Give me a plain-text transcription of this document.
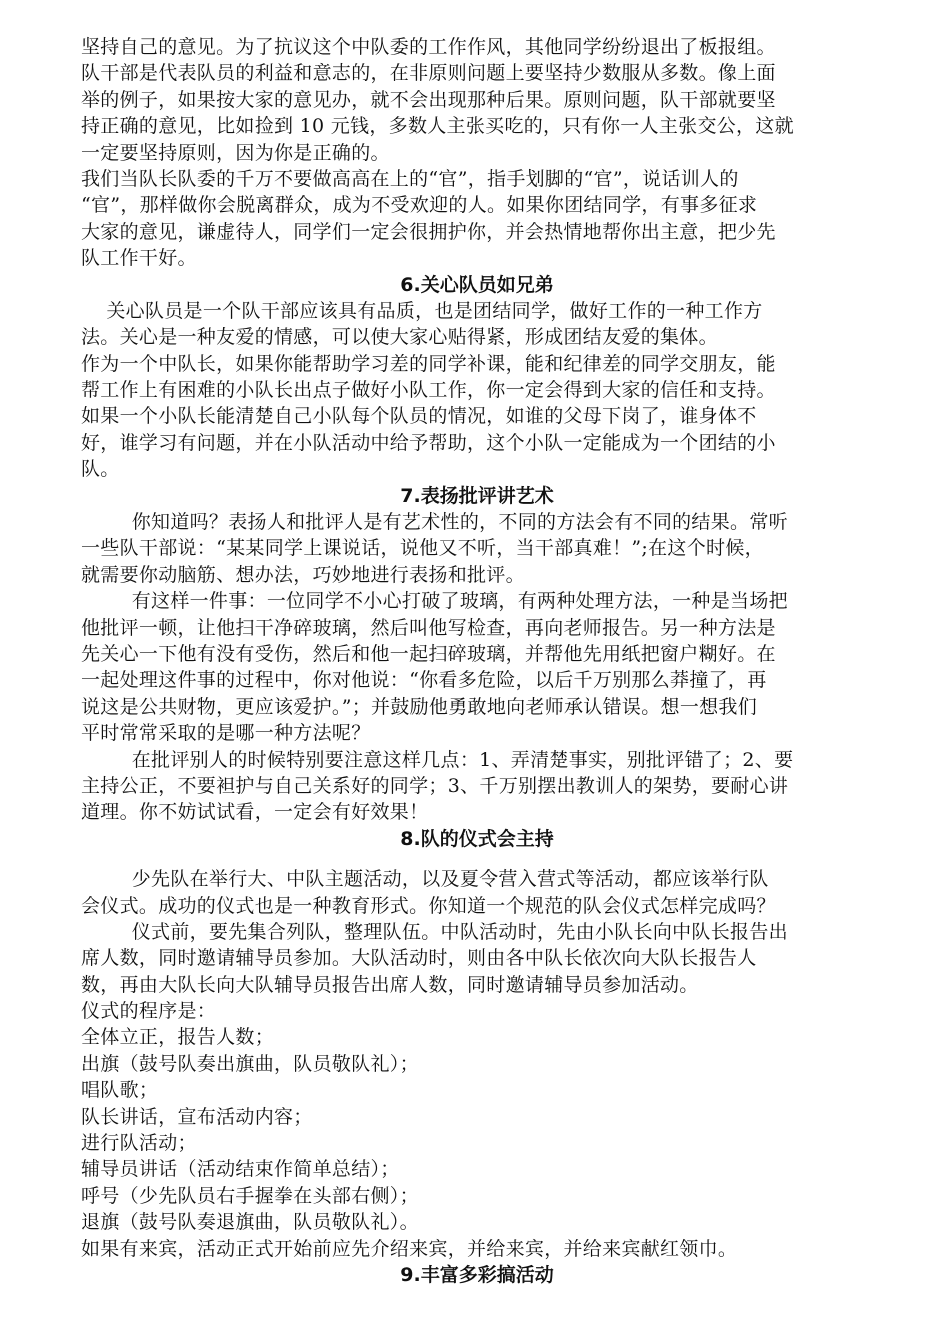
坚持自己的意见。为了抗议这个中队委的工作作风，其他同学纷纷退出了板报组。
队干部是代表队员的利益和意志的，在非原则问题上要坚持少数服从多数。像上面
举的例子，如果按大家的意见办，就不会出现那种后果。原则问题，队干部就要坚
持正确的意见，比如捡到 10 元钱，多数人主张买吃的，只有你一人主张交公，这就
一定要坚持原则，因为你是正确的。
我们当队长队委的千万不要做高高在上的“官”，指手划脚的“官”，说话训人的
“官”，那样做你会脱离群众，成为不受欢迎的人。如果你团结同学，有事多征求
大家的意见，谦虚待人，同学们一定会很拥护你，并会热情地帮你出主意，把少先
队工作干好。
6.关心队员如兄弟
关心队员是一个队干部应该具有品质，也是团结同学，做好工作的一种工作方
法。关心是一种友爱的情感，可以使大家心贴得紧，形成团结友爱的集体。
作为一个中队长，如果你能帮助学习差的同学补课，能和纪律差的同学交朋友，能
帮工作上有困难的小队长出点子做好小队工作，你一定会得到大家的信任和支持。
如果一个小队长能清楚自己小队每个队员的情况，如谁的父母下岗了，谁身体不
好，谁学习有问题，并在小队活动中给予帮助，这个小队一定能成为一个团结的小
队。
7.表扬批评讲艺术
你知道吗？表扬人和批评人是有艺术性的，不同的方法会有不同的结果。常听
一些队干部说：“某某同学上课说话，说他又不听，当干部真难！”;在这个时候，
就需要你动脑筋、想办法，巧妙地进行表扬和批评。
有这样一件事：一位同学不小心打破了玻璃，有两种处理方法，一种是当场把
他批评一顿，让他扫干净碎玻璃，然后叫他写检查，再向老师报告。另一种方法是
先关心一下他有没有受伤，然后和他一起扫碎玻璃，并帮他先用纸把窗户糊好。在
一起处理这件事的过程中，你对他说：“你看多危险，以后千万别那么莽撞了，再
说这是公共财物，更应该爱护。”；并鼓励他勇敢地向老师承认错误。想一想我们
平时常常采取的是哪一种方法呢？
在批评别人的时候特别要注意这样几点：1、弄清楚事实，别批评错了；2、要
主持公正，不要袒护与自己关系好的同学；3、千万别摆出教训人的架势，要耐心讲
道理。你不妨试试看，一定会有好效果！
8.队的仪式会主持
少先队在举行大、中队主题活动，以及夏令营入营式等活动，都应该举行队
会仪式。成功的仪式也是一种教育形式。你知道一个规范的队会仪式怎样完成吗？
仪式前，要先集合列队，整理队伍。中队活动时，先由小队长向中队长报告出
席人数，同时邀请辅导员参加。大队活动时，则由各中队长依次向大队长报告人
数，再由大队长向大队辅导员报告出席人数，同时邀请辅导员参加活动。
仪式的程序是：
全体立正，报告人数；
出旗（鼓号队奏出旗曲，队员敬队礼）；
唱队歌；
队长讲话，宣布活动内容；
进行队活动；
辅导员讲话（活动结束作简单总结）；
呼号（少先队员右手握拳在头部右侧）；
退旗（鼓号队奏退旗曲，队员敬队礼）。
如果有来宾，活动正式开始前应先介绍来宾，并给来宾，并给来宾献红领巾。
9.丰富多彩搞活动
